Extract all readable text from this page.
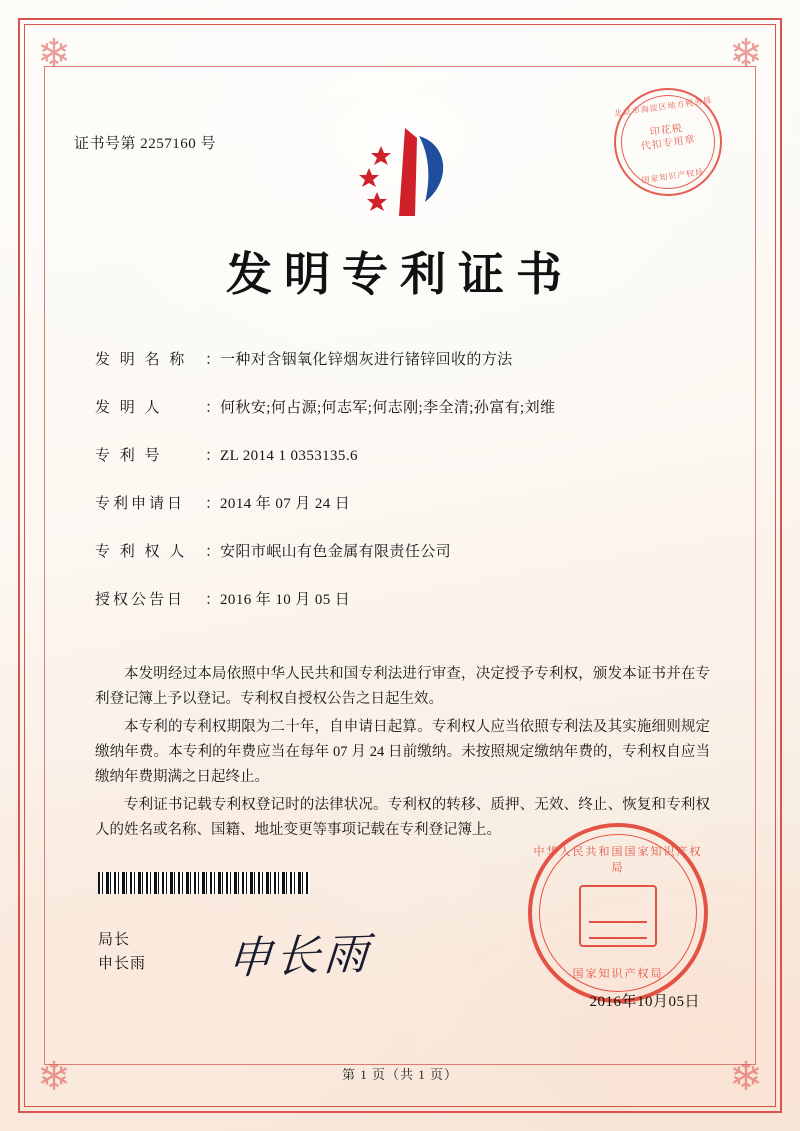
❄	❄
❄	❄
证书号第 2257160 号
北京市海淀区地方税务局
印花税
代扣专用章
国家知识产权局
发明专利证书
发 明 名 称 ：一种对含铟氧化锌烟灰进行锗锌回收的方法
发 明 人	：何秋安;何占源;何志军;何志刚;李全清;孙富有;刘维
专 利 号	：ZL 2014 1 0353135.6
专利申请日 ：2014 年 07 月 24 日
专 利 权 人 ：安阳市岷山有色金属有限责任公司
授权公告日 ：2016 年 10 月 05 日

本发明经过本局依照中华人民共和国专利法进行审查，决定授予专利权，颁发本证书并在专利登记簿上予以登记。专利权自授权公告之日起生效。

本专利的专利权期限为二十年，自申请日起算。专利权人应当依照专利法及其实施细则规定缴纳年费。本专利的年费应当在每年 07 月 24 日前缴纳。未按照规定缴纳年费的，专利权自应当缴纳年费期满之日起终止。

专利证书记载专利权登记时的法律状况。专利权的转移、质押、无效、终止、恢复和专利权人的姓名或名称、国籍、地址变更等事项记载在专利登记簿上。

局长
申长雨 申长雨
中华人民共和国国家知识产权局
国家知识产权局
2016年10月05日
第 1 页（共 1 页）
